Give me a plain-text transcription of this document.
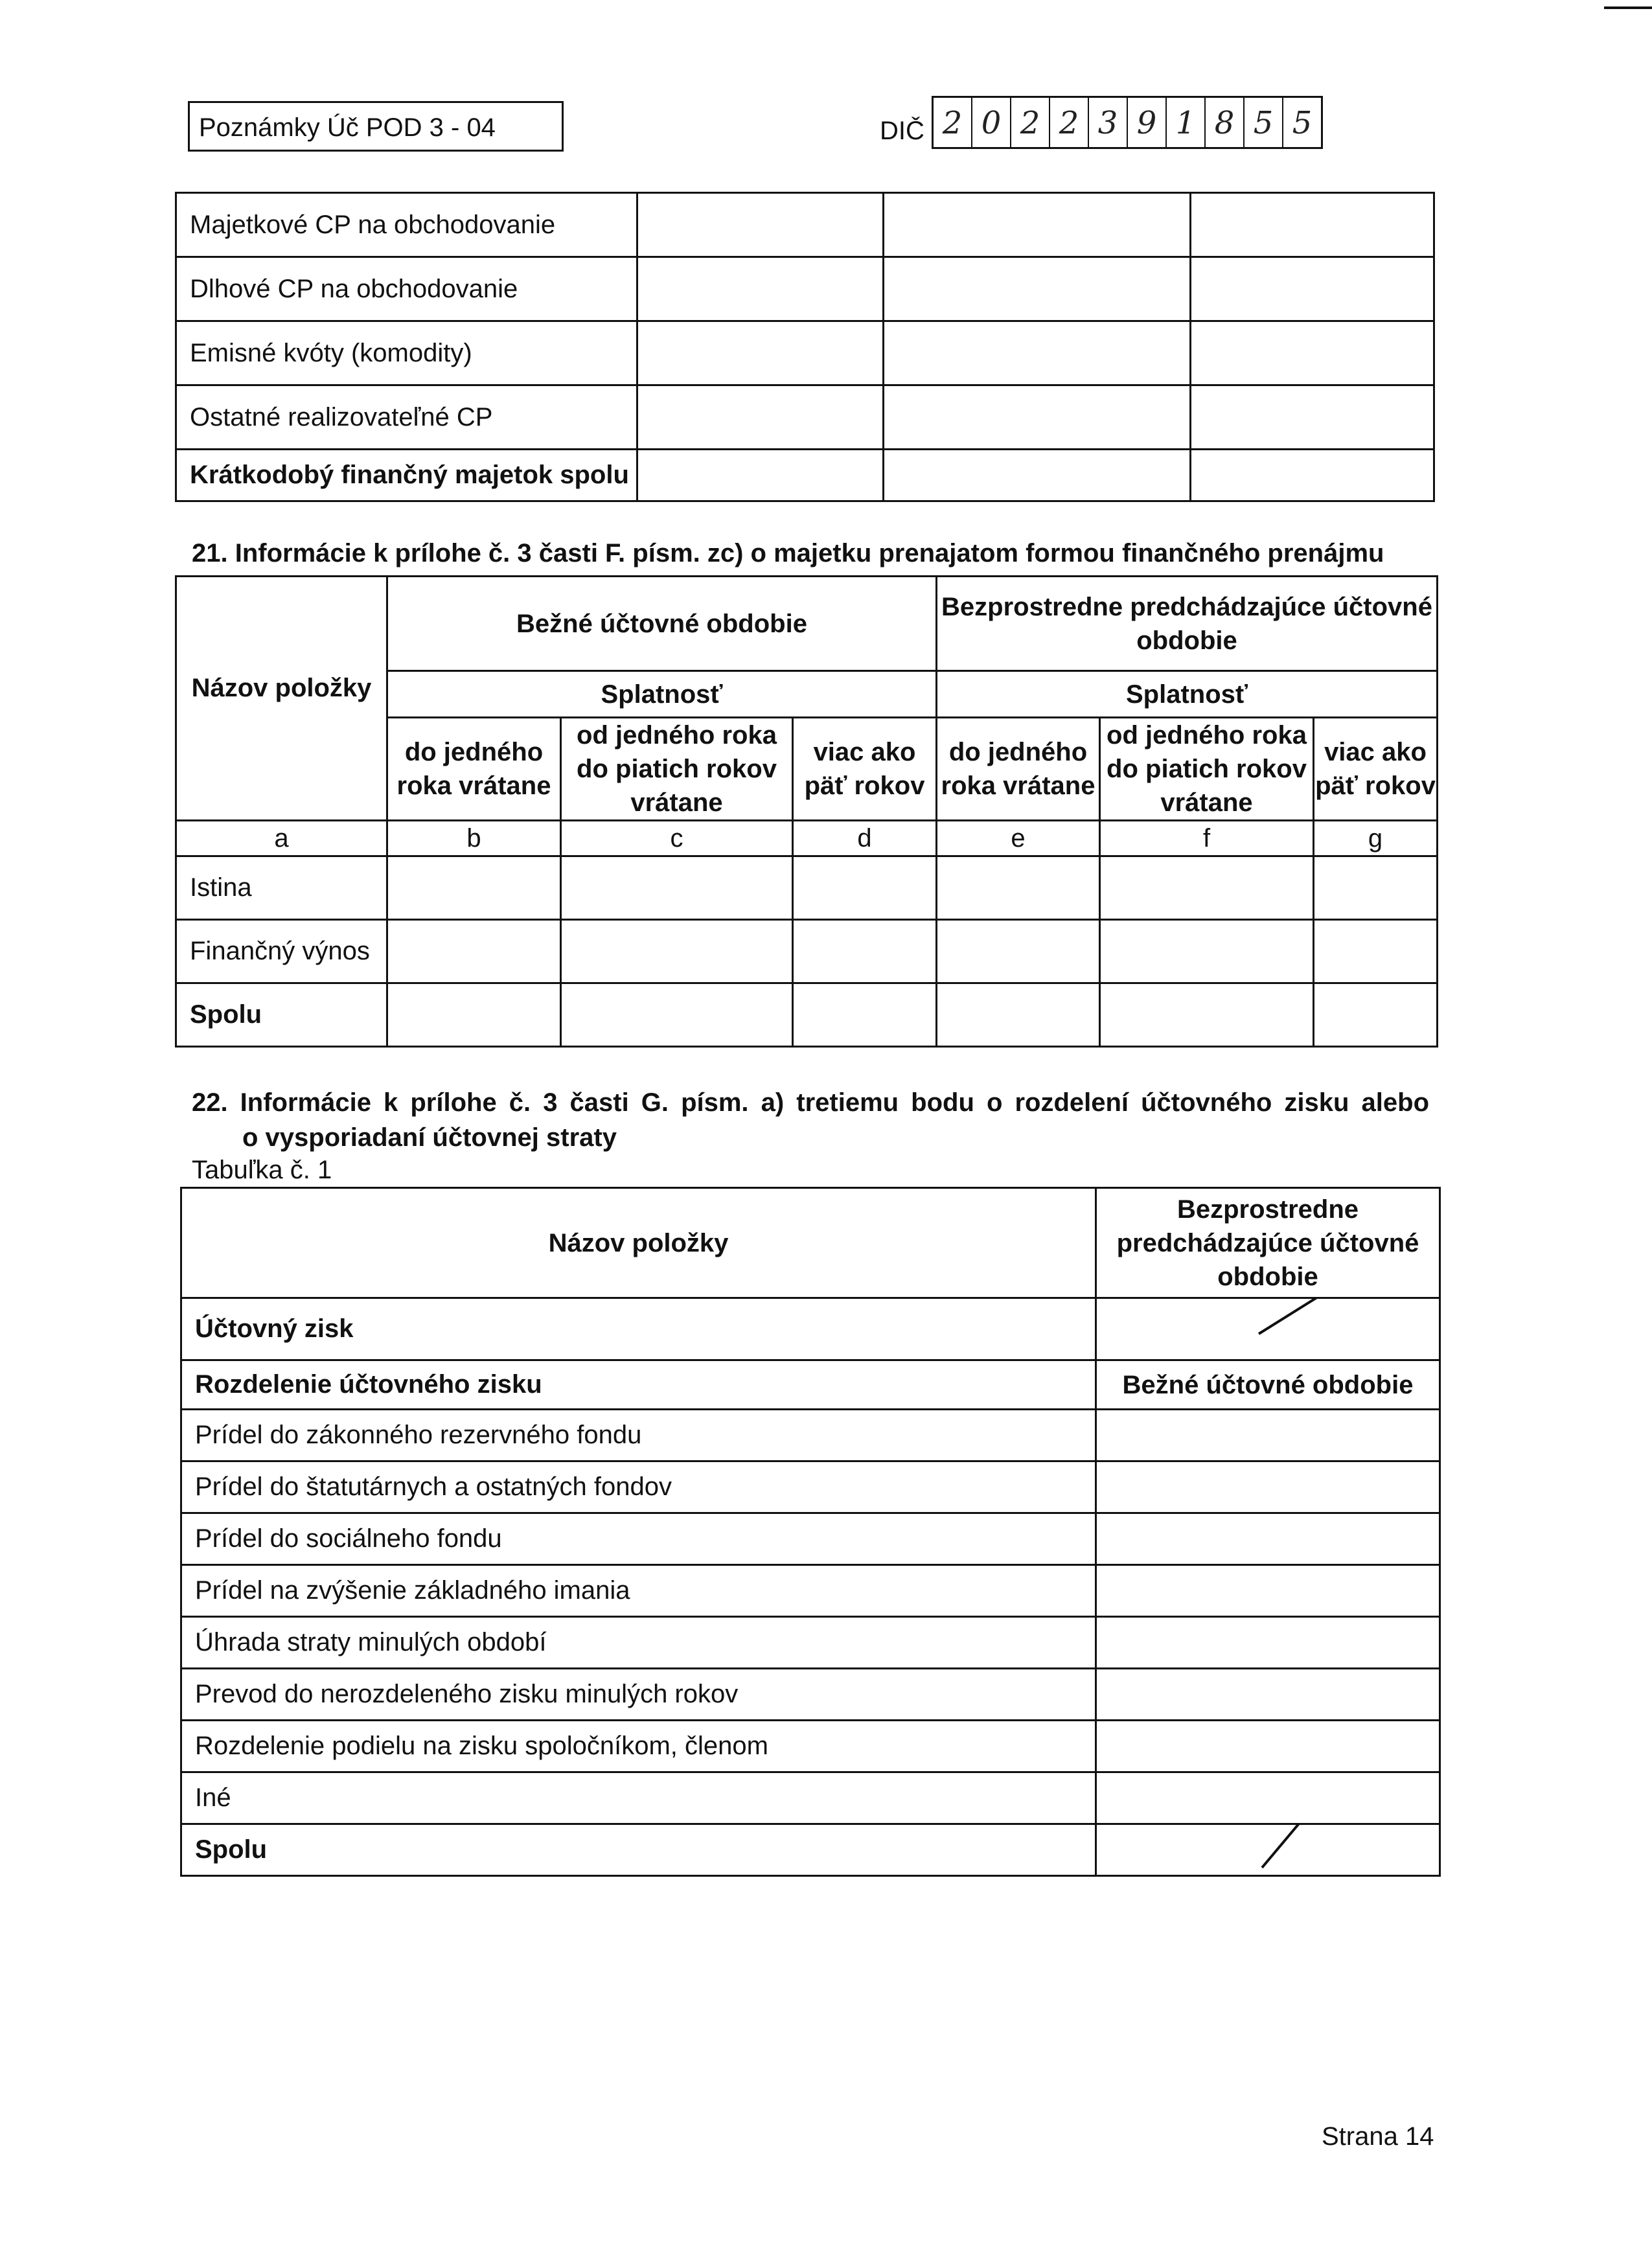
Poznámky Úč POD 3 - 04	DIČ 2 0 2 2 3 9 1 8 5 5
Majetkové CP na obchodovanie			
Dlhové CP na obchodovanie			
Emisné kvóty (komodity)			
Ostatné realizovateľné CP			
Krátkodobý finančný majetok spolu			
21. Informácie k prílohe č. 3 časti F. písm. zc) o majetku prenajatom formou finančného prenájmu
Názov položky	Bežné účtovné obdobie			Bezprostredne predchádzajúce účtovné obdobie		
	Splatnosť			Splatnosť		
	do jedného roka vrátane	od jedného roka do piatich rokov vrátane	viac ako päť rokov	do jedného roka vrátane	od jedného roka do piatich rokov vrátane	viac ako päť rokov
a	b	c	d	e	f	g
Istina						
Finančný výnos						
Spolu						
22. Informácie k prílohe č. 3 časti G. písm. a) tretiemu bodu o rozdelení účtovného zisku alebo
o vysporiadaní účtovnej straty
Tabuľka č. 1
Názov položky	Bezprostredne predchádzajúce účtovné obdobie
Účtovný zisk	

Rozdelenie účtovného zisku	Bežné účtovné obdobie
Prídel do zákonného rezervného fondu	
Prídel do štatutárnych a ostatných fondov	
Prídel do sociálneho fondu	
Prídel na zvýšenie základného imania	
Úhrada straty minulých období	
Prevod do nerozdeleného zisku minulých rokov	
Rozdelenie podielu na zisku spoločníkom, členom	
Iné	
Spolu	
Strana 14
